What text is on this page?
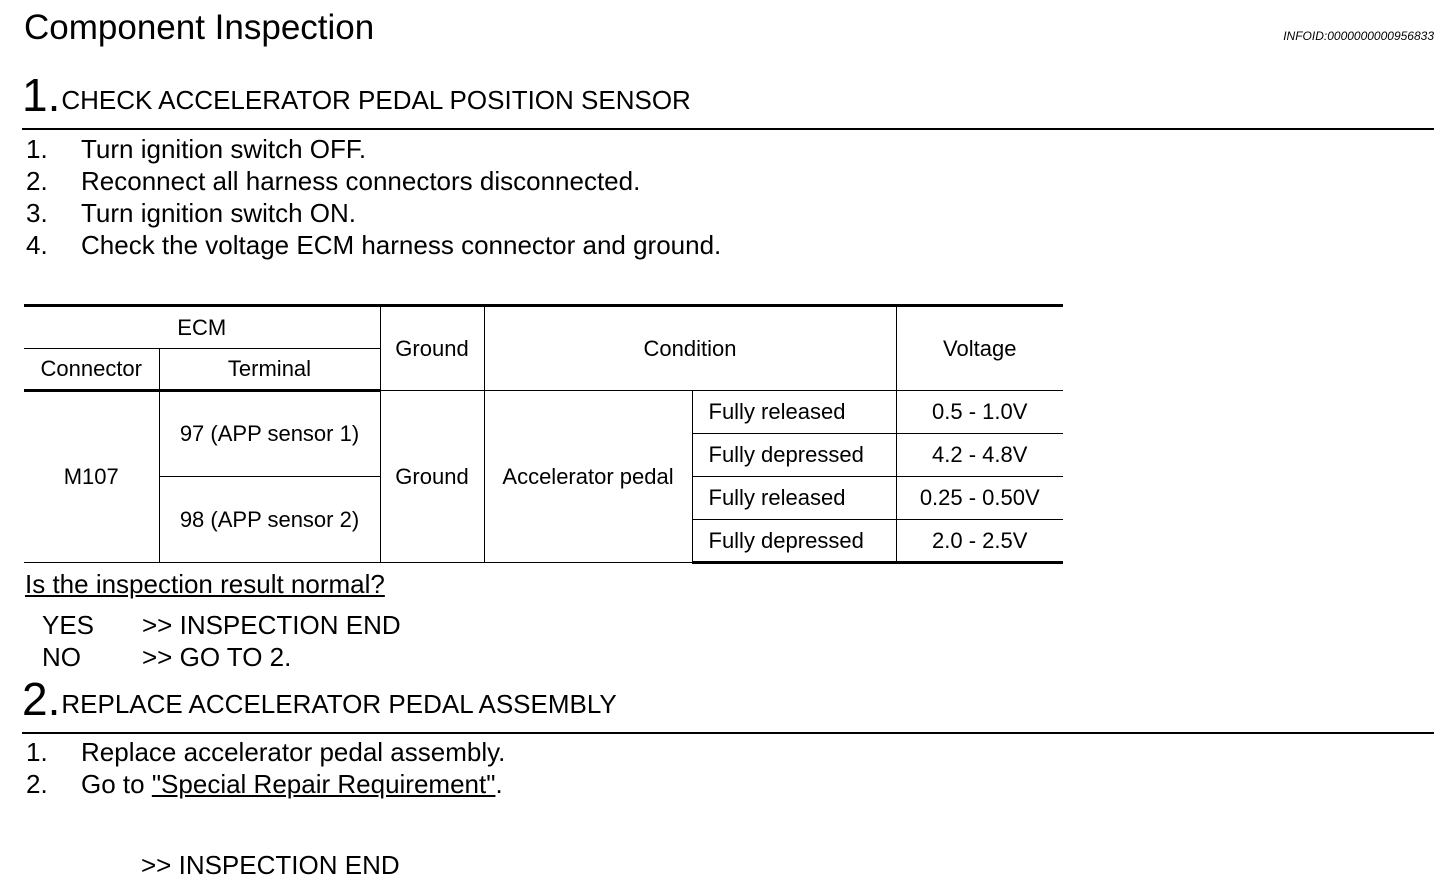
Component Inspection	INFOID:0000000000956833
1.CHECK ACCELERATOR PEDAL POSITION SENSOR
1.	Turn ignition switch OFF.
2.	Reconnect all harness connectors disconnected.
3.	Turn ignition switch ON.
4.	Check the voltage ECM harness connector and ground.
ECM		Ground	Condition		Voltage
Connector	Terminal				
M107	97 (APP sensor 1)	Ground	Accelerator pedal	Fully released	0.5 - 1.0V
				Fully depressed	4.2 - 4.8V
	98 (APP sensor 2)			Fully released	0.25 - 0.50V
				Fully depressed	2.0 - 2.5V
Is the inspection result normal?
YES >> INSPECTION END
NO >> GO TO 2.
2.REPLACE ACCELERATOR PEDAL ASSEMBLY
1.	Replace accelerator pedal assembly.
2.	Go to "Special Repair Requirement".
>> INSPECTION END
